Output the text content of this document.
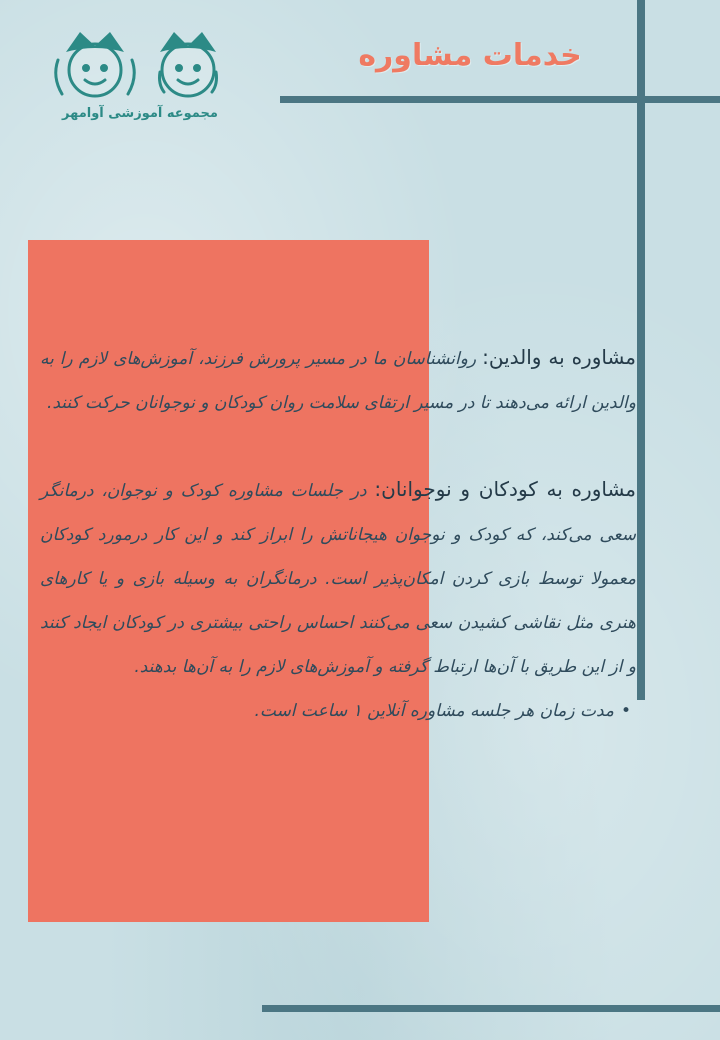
مجموعه آموزشی آوامهر
خدمات مشاوره

مشاوره به والدین: روانشناسان ما در مسیر پرورش فرزند، آموزش‌های لازم را به والدین ارائه می‌دهند تا در مسیر ارتقای سلامت روان کودکان و نوجوانان حرکت کنند.

مشاوره به کودکان و نوجوانان: در جلسات مشاوره کودک و نوجوان، درمانگر سعی می‌کند، که کودک و نوجوان هیجاناتش را ابراز کند و این کار درمورد کودکان معمولا توسط بازی کردن امکان‌پذیر است. درمانگران به وسیله بازی و یا کارهای هنری مثل نقاشی کشیدن سعی می‌کنند احساس راحتی بیشتری در کودکان ایجاد کنند و از این طریق با آن‌ها ارتباط گرفته و آموزش‌های لازم را به آن‌ها بدهند.

•
مدت زمان هر جلسه مشاوره آنلاین ۱ ساعت است.
